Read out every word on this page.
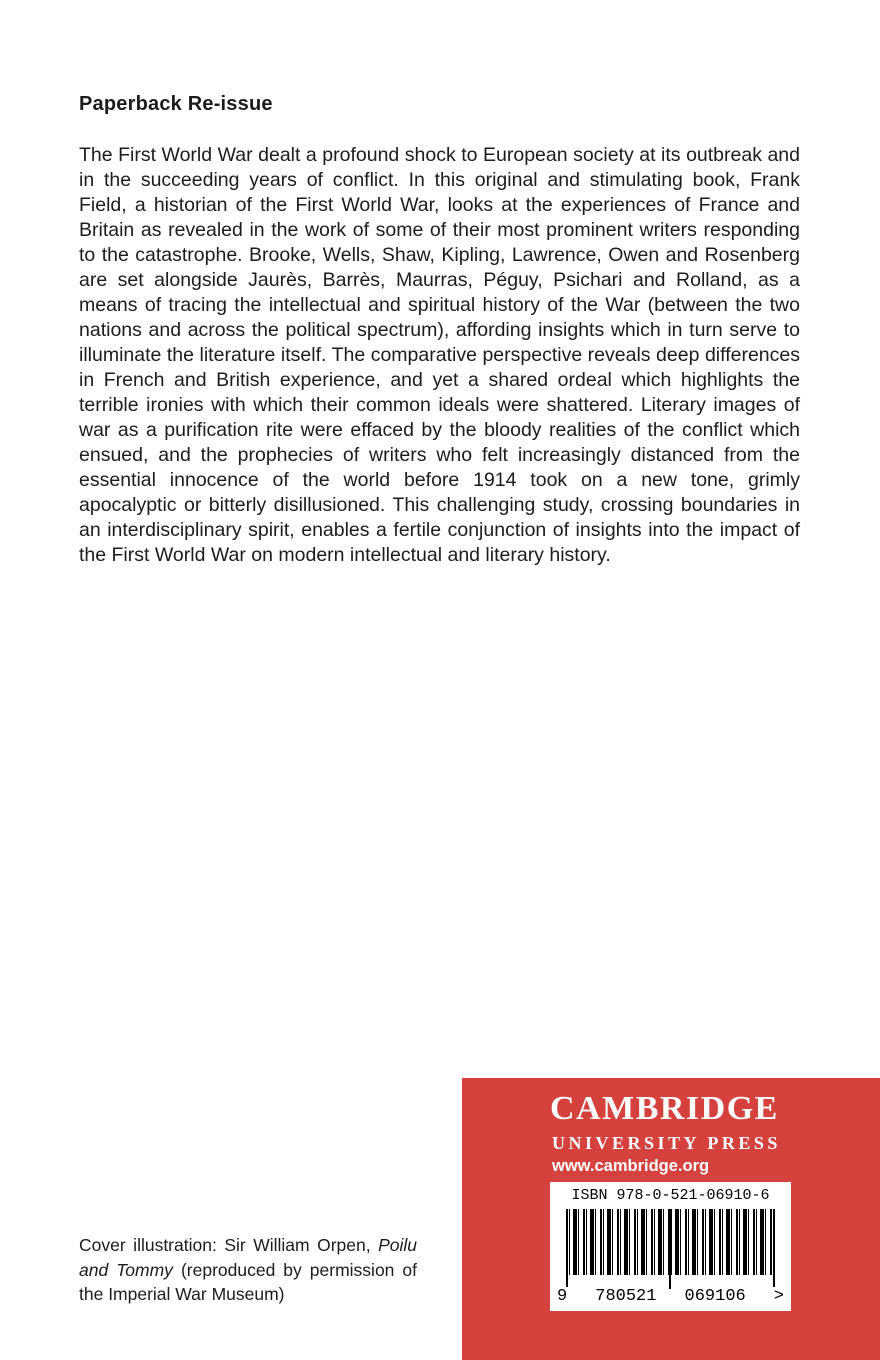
Paperback Re-issue

The First World War dealt a profound shock to European society at its outbreak and in the succeeding years of conflict. In this original and stimulating book, Frank Field, a historian of the First World War, looks at the experiences of France and Britain as revealed in the work of some of their most prominent writers responding to the catastrophe. Brooke, Wells, Shaw, Kipling, Lawrence, Owen and Rosenberg are set alongside Jaurès, Barrès, Maurras, Péguy, Psichari and Rolland, as a means of tracing the intellectual and spiritual history of the War (between the two nations and across the political spectrum), affording insights which in turn serve to illuminate the literature itself. The comparative perspective reveals deep differences in French and British experience, and yet a shared ordeal which highlights the terrible ironies with which their common ideals were shattered. Literary images of war as a purification rite were effaced by the bloody realities of the conflict which ensued, and the prophecies of writers who felt increasingly distanced from the essential innocence of the world before 1914 took on a new tone, grimly apocalyptic or bitterly disillusioned. This challenging study, crossing boundaries in an interdisciplinary spirit, enables a fertile conjunction of insights into the impact of the First World War on modern intellectual and literary history.

Cover illustration: Sir William Orpen, Poilu and Tommy (reproduced by permission of the Imperial War Museum)

CAMBRIDGE
UNIVERSITY PRESS
www.cambridge.org
ISBN 978-0-521-06910-6
9 780521 069106 >
